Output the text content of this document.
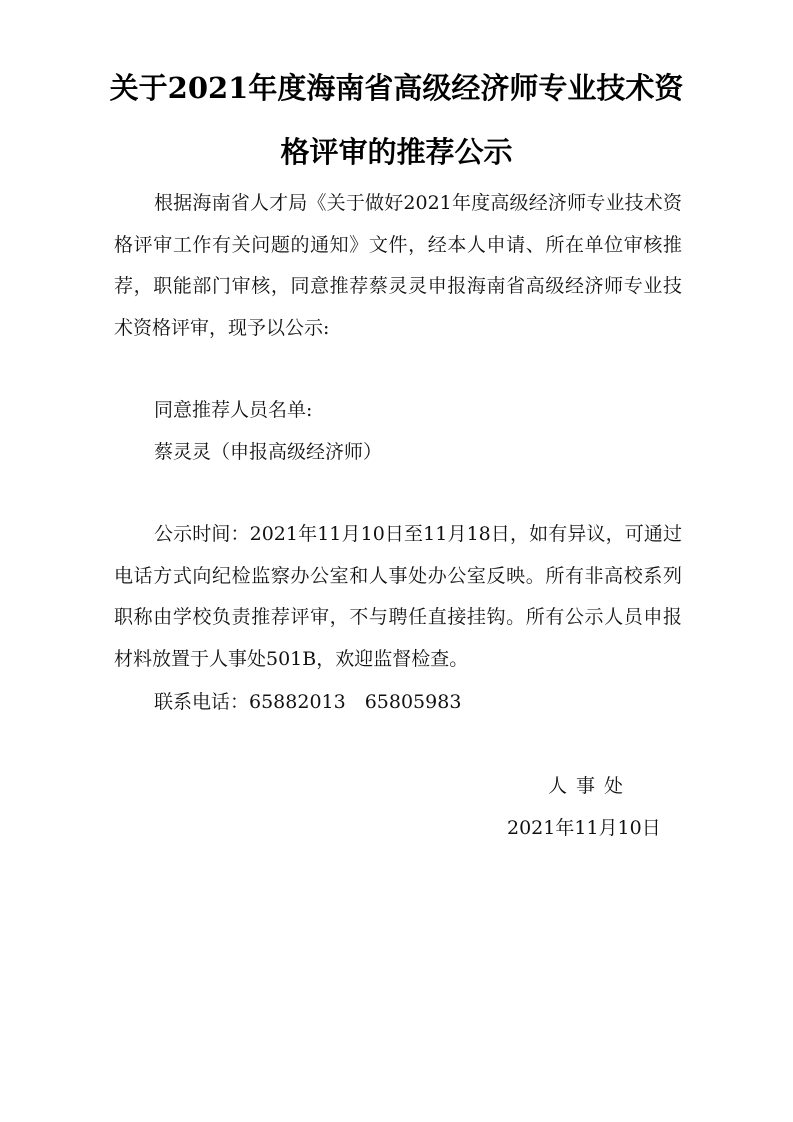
关于2021年度海南省高级经济师专业技术资
格评审的推荐公示
根据海南省人才局《关于做好2021年度高级经济师专业技术资格评审工作有关问题的通知》文件，经本人申请、所在单位审核推荐，职能部门审核，同意推荐蔡灵灵申报海南省高级经济师专业技术资格评审，现予以公示:
同意推荐人员名单:
蔡灵灵（申报高级经济师）
公示时间：2021年11月10日至11月18日，如有异议，可通过电话方式向纪检监察办公室和人事处办公室反映。所有非高校系列职称由学校负责推荐评审，不与聘任直接挂钩。所有公示人员申报材料放置于人事处501B，欢迎监督检查。
联系电话：65882013　65805983
人事处
2021年11月10日
